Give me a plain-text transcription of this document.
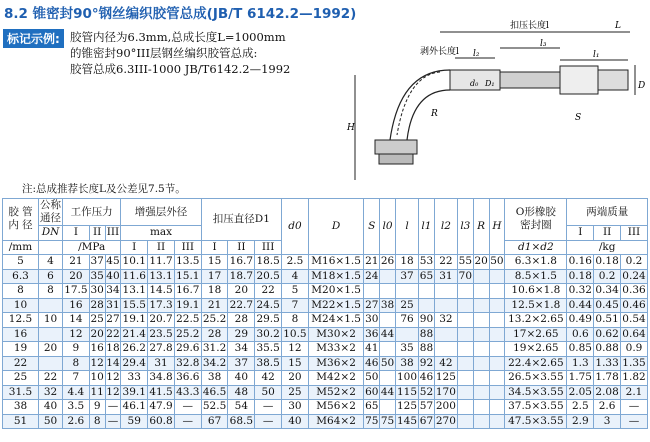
8.2 锥密封90°钢丝编织胶管总成(JB/T 6142.2—1992)
标记示例: 胶管内径为6.3mm,总成长度L=1000mm
的锥密封90°III层钢丝编织胶管总成:
胶管总成6.3III-1000 JB/T6142.2—1992
扣压长度l
剥外长度l
L
l₂	l₁
l₃
d₀ D₁	D
S
R
H
注:总成推荐长度L及公差见7.5节。
胶 管
内 径	公称
通径	工作压力			增强层外径			扣压直径D1			d0	D	S	l0	l	l1	l2	l3	R	H	O形橡胶
密封圈	两端质量		
	DN	I	II	III	max																	I	II	III
/mm		/MPa			I	II	III	I	II	III											d1×d2	/kg		
5	4	21	37	45	10.1	11.7	13.5	15	16.7	18.5	2.5	M16×1.5	21	26	18	53	22	55	20	50	6.3×1.8	0.16	0.18	0.2
6.3	6	20	35	40	11.6	13.1	15.1	17	18.7	20.5	4	M18×1.5	24		37	65	31	70			8.5×1.5	0.18	0.2	0.24
8	8	17.5	30	34	13.1	14.5	16.7	18	20	22	5	M20×1.5									10.6×1.8	0.32	0.34	0.36
10		16	28	31	15.5	17.3	19.1	21	22.7	24.5	7	M22×1.5	27	38	25						12.5×1.8	0.44	0.45	0.46
12.5	10	14	25	27	19.1	20.7	22.5	25.2	28	29.5	8	M24×1.5	30		76	90	32				13.2×2.65	0.49	0.51	0.54
16		12	20	22	21.4	23.5	25.2	28	29	30.2	10.5	M30×2	36	44		88					17×2.65	0.6	0.62	0.64
19	20	9	16	18	26.2	27.8	29.6	31.2	34	35.5	12	M33×2	41		35	88					19×2.65	0.85	0.88	0.9
22		8	12	14	29.4	31	32.8	34.2	37	38.5	15	M36×2	46	50	38	92	42				22.4×2.65	1.3	1.33	1.35
25	22	7	10	12	33	34.8	36.6	38	40	42	20	M42×2	50		100	46	125				26.5×3.55	1.75	1.78	1.82
31.5	32	4.4	11	12	39.1	41.5	43.3	46.5	48	50	25	M52×2	60	44	115	52	170				34.5×3.55	2.05	2.08	2.1
38	40	3.5	9	—	46.1	47.9	—	52.5	54	—	30	M56×2	65		125	57	200				37.5×3.55	2.5	2.6	—
51	50	2.6	8	—	59	60.8	—	67	68.5	—	40	M64×2	75	75	145	67	270				47.5×3.55	2.9	3	—
